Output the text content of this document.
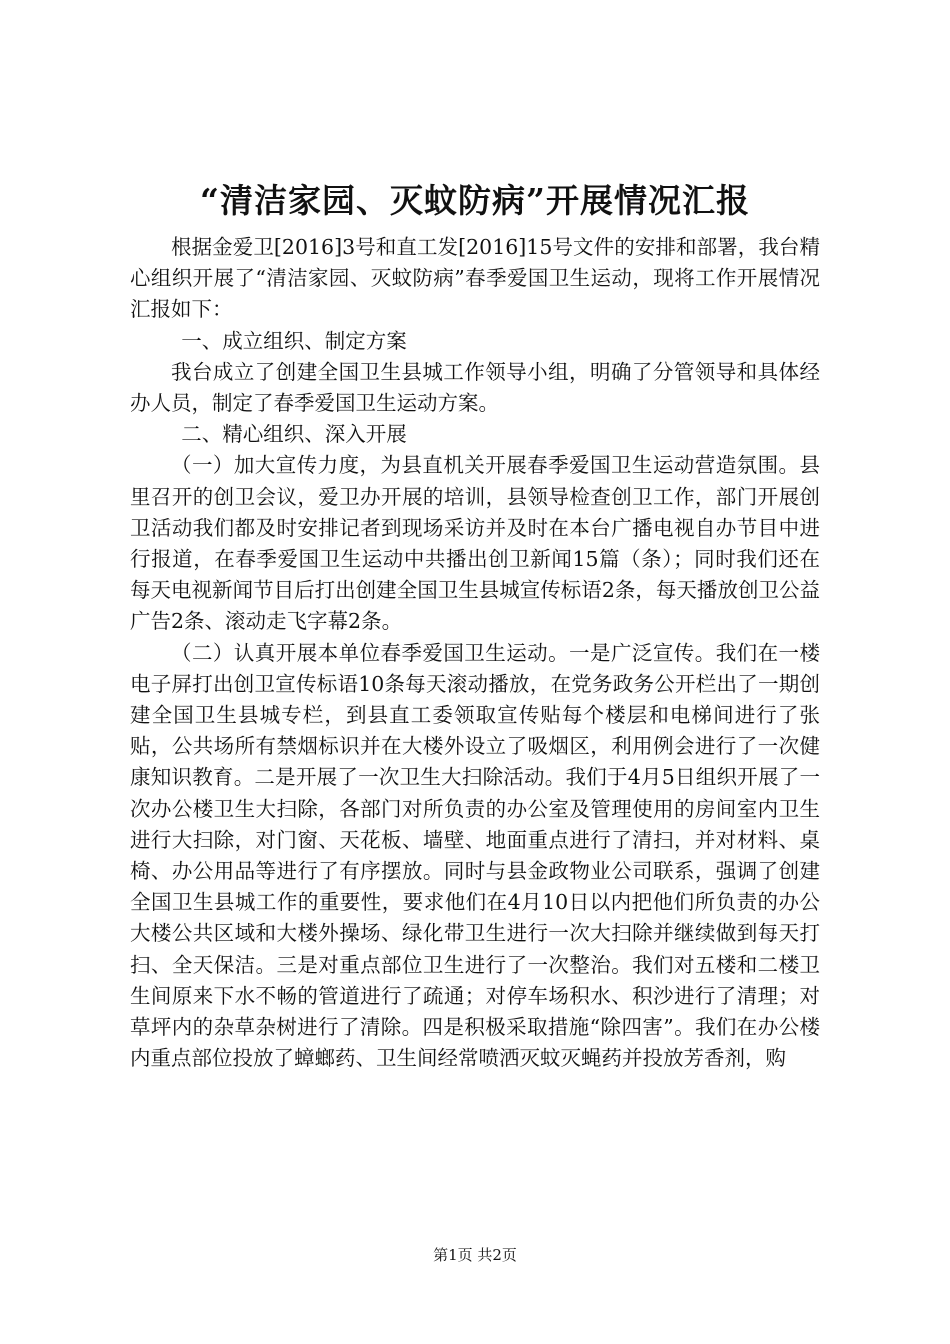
“清洁家园、灭蚊防病”开展情况汇报

根据金爱卫[2016]3号和直工发[2016]15号文件的安排和部署，我台精心组织开展了“清洁家园、灭蚊防病”春季爱国卫生运动，现将工作开展情况汇报如下：

一、成立组织、制定方案

我台成立了创建全国卫生县城工作领导小组，明确了分管领导和具体经办人员，制定了春季爱国卫生运动方案。

二、精心组织、深入开展

（一）加大宣传力度，为县直机关开展春季爱国卫生运动营造氛围。县里召开的创卫会议，爱卫办开展的培训，县领导检查创卫工作，部门开展创卫活动我们都及时安排记者到现场采访并及时在本台广播电视自办节目中进行报道，在春季爱国卫生运动中共播出创卫新闻15篇（条）；同时我们还在每天电视新闻节目后打出创建全国卫生县城宣传标语2条，每天播放创卫公益广告2条、滚动走飞字幕2条。

（二）认真开展本单位春季爱国卫生运动。一是广泛宣传。我们在一楼电子屏打出创卫宣传标语10条每天滚动播放，在党务政务公开栏出了一期创建全国卫生县城专栏，到县直工委领取宣传贴每个楼层和电梯间进行了张贴，公共场所有禁烟标识并在大楼外设立了吸烟区，利用例会进行了一次健康知识教育。二是开展了一次卫生大扫除活动。我们于4月5日组织开展了一次办公楼卫生大扫除，各部门对所负责的办公室及管理使用的房间室内卫生进行大扫除，对门窗、天花板、墙壁、地面重点进行了清扫，并对材料、桌椅、办公用品等进行了有序摆放。同时与县金政物业公司联系，强调了创建全国卫生县城工作的重要性，要求他们在4月10日以内把他们所负责的办公大楼公共区域和大楼外操场、绿化带卫生进行一次大扫除并继续做到每天打扫、全天保洁。三是对重点部位卫生进行了一次整治。我们对五楼和二楼卫生间原来下水不畅的管道进行了疏通；对停车场积水、积沙进行了清理；对草坪内的杂草杂树进行了清除。四是积极采取措施“除四害”。我们在办公楼内重点部位投放了蟑螂药、卫生间经常喷洒灭蚊灭蝇药并投放芳香剂，购

第1页 共2页
